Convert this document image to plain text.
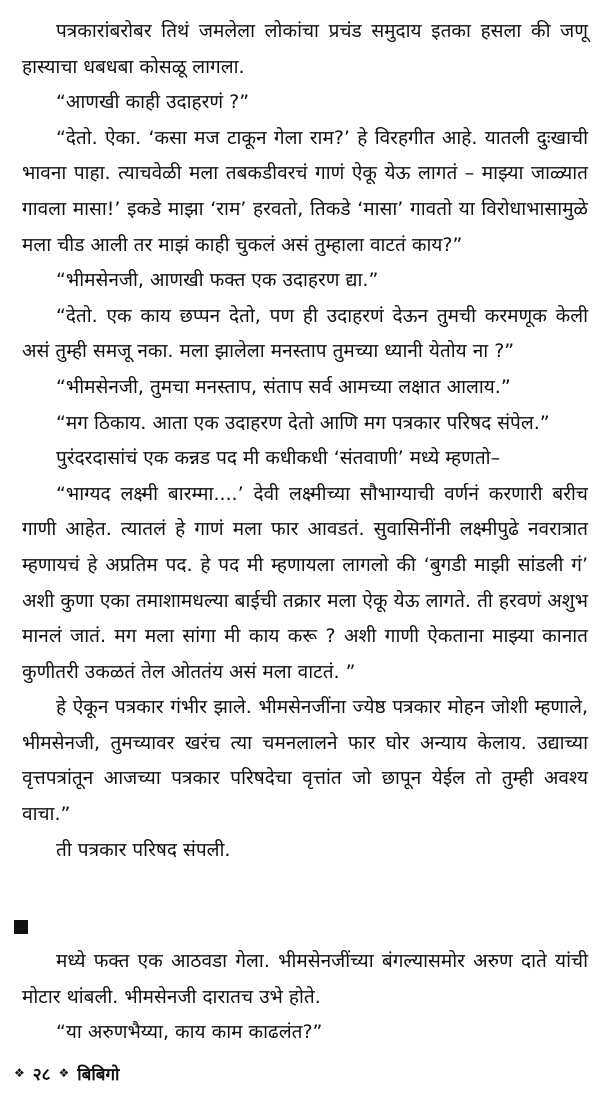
पत्रकारांबरोबर तिथं जमलेला लोकांचा प्रचंड समुदाय इतका हसला की जणू हास्याचा धबधबा कोसळू लागला.

“आणखी काही उदाहरणं ?”

“देतो. ऐका. ‘कसा मज टाकून गेला राम?’ हे विरहगीत आहे. यातली दुःखाची भावना पाहा. त्याचवेळी मला तबकडीवरचं गाणं ऐकू येऊ लागतं – माझ्या जाळ्यात गावला मासा!’ इकडे माझा ‘राम’ हरवतो, तिकडे ‘मासा’ गावतो या विरोधाभासामुळे मला चीड आली तर माझं काही चुकलं असं तुम्हाला वाटतं काय?”

“भीमसेनजी, आणखी फक्त एक उदाहरण द्या.”

“देतो. एक काय छप्पन देतो, पण ही उदाहरणं देऊन तुमची करमणूक केली असं तुम्ही समजू नका. मला झालेला मनस्ताप तुमच्या ध्यानी येतोय ना ?”

“भीमसेनजी, तुमचा मनस्ताप, संताप सर्व आमच्या लक्षात आलाय.”

“मग ठिकाय. आता एक उदाहरण देतो आणि मग पत्रकार परिषद संपेल.”

पुरंदरदासांचं एक कन्नड पद मी कधीकधी ‘संतवाणी’ मध्ये म्हणतो–

“भाग्यद लक्ष्मी बारम्मा....’ देवी लक्ष्मीच्या सौभाग्याची वर्णनं करणारी बरीच गाणी आहेत. त्यातलं हे गाणं मला फार आवडतं. सुवासिनींनी लक्ष्मीपुढे नवरात्रात म्हणायचं हे अप्रतिम पद. हे पद मी म्हणायला लागलो की ‘बुगडी माझी सांडली गं’ अशी कुणा एका तमाशामधल्या बाईची तक्रार मला ऐकू येऊ लागते. ती हरवणं अशुभ मानलं जातं. मग मला सांगा मी काय करू ? अशी गाणी ऐकताना माझ्या कानात कुणीतरी उकळतं तेल ओततंय असं मला वाटतं. ”

हे ऐकून पत्रकार गंभीर झाले. भीमसेनजींना ज्येष्ठ पत्रकार मोहन जोशी म्हणाले, भीमसेनजी, तुमच्यावर खरंच त्या चमनलालने फार घोर अन्याय केलाय. उद्याच्या वृत्तपत्रांतून आजच्या पत्रकार परिषदेचा वृत्तांत जो छापून येईल तो तुम्ही अवश्य वाचा.”

ती पत्रकार परिषद संपली.

मध्ये फक्त एक आठवडा गेला. भीमसेनजींच्या बंगल्यासमोर अरुण दाते यांची मोटार थांबली. भीमसेनजी दारातच उभे होते.

“या अरुणभैय्या, काय काम काढलंत?”

❖ २८ ❖ बिबिगो
